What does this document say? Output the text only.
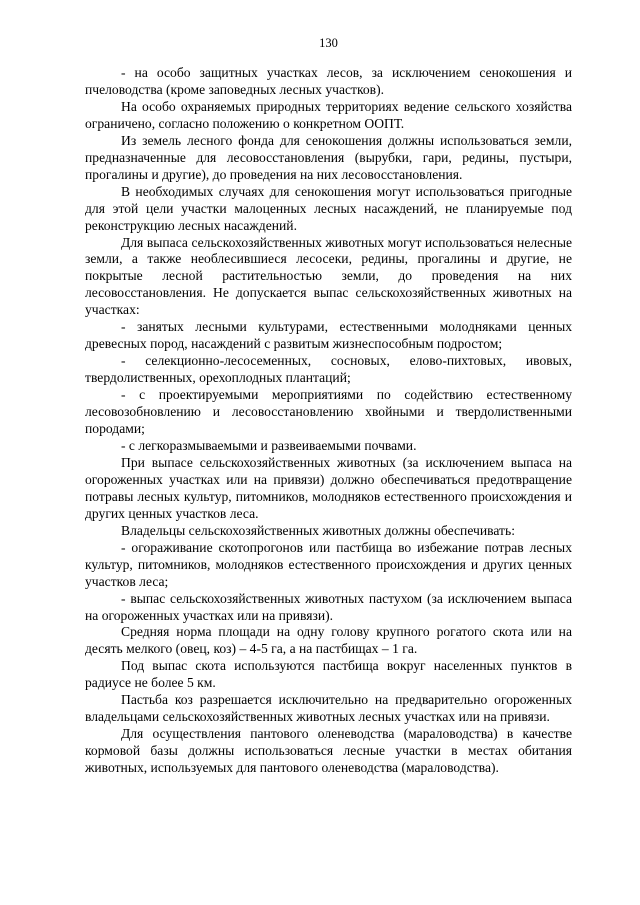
130

- на особо защитных участках лесов, за исключением сенокошения и пчеловодства (кроме заповедных лесных участков).

На особо охраняемых природных территориях ведение сельского хозяйства ограничено, согласно положению о конкретном ООПТ.

Из земель лесного фонда для сенокошения должны использоваться земли, предназначенные для лесовосстановления (вырубки, гари, редины, пустыри, прогалины и другие), до проведения на них лесовосстановления.

В необходимых случаях для сенокошения могут использоваться пригодные для этой цели участки малоценных лесных насаждений, не планируемые под реконструкцию лесных насаждений.

Для выпаса сельскохозяйственных животных могут использоваться нелесные земли, а также необлесившиеся лесосеки, редины, прогалины и другие, не покрытые лесной растительностью земли, до проведения на них лесовосстановления. Не допускается выпас сельскохозяйственных животных на участках:

- занятых лесными культурами, естественными молодняками ценных древесных пород, насаждений с развитым жизнеспособным подростом;

- селекционно-лесосеменных, сосновых, елово-пихтовых, ивовых, твердолиственных, орехоплодных плантаций;

- с проектируемыми мероприятиями по содействию естественному лесовозобновлению и лесовосстановлению хвойными и твердолиственными породами;

- с легкоразмываемыми и развеиваемыми почвами.

При выпасе сельскохозяйственных животных (за исключением выпаса на огороженных участках или на привязи) должно обеспечиваться предотвращение потравы лесных культур, питомников, молодняков естественного происхождения и других ценных участков леса.

Владельцы сельскохозяйственных животных должны обеспечивать:

- огораживание скотопрогонов или пастбища во избежание потрав лесных культур, питомников, молодняков естественного происхождения и других ценных участков леса;

- выпас сельскохозяйственных животных пастухом (за исключением выпаса на огороженных участках или на привязи).

Средняя норма площади на одну голову крупного рогатого скота или на десять мелкого (овец, коз) – 4-5 га, а на пастбищах – 1 га.

Под выпас скота используются пастбища вокруг населенных пунктов в радиусе не более 5 км.

Пастьба коз разрешается исключительно на предварительно огороженных владельцами сельскохозяйственных животных лесных участках или на привязи.

Для осуществления пантового оленеводства (мараловодства) в качестве кормовой базы должны использоваться лесные участки в местах обитания животных, используемых для пантового оленеводства (мараловодства).
